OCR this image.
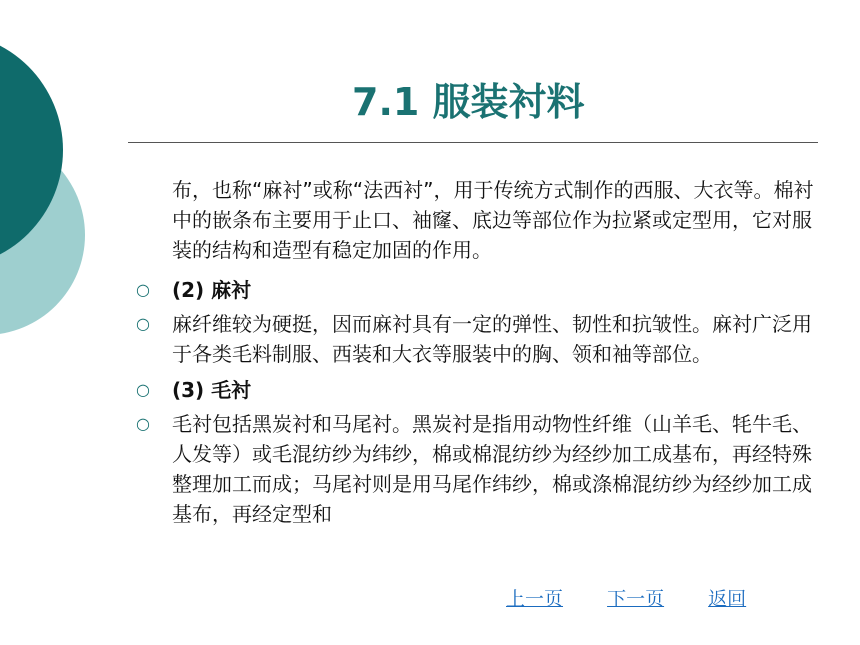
7.1 服装衬料

布，也称“麻衬”或称“法西衬”，用于传统方式制作的西服、大衣等。棉衬中的嵌条布主要用于止口、袖窿、底边等部位作为拉紧或定型用，它对服装的结构和造型有稳定加固的作用。

○	(2) 麻衬

○	麻纤维较为硬挺，因而麻衬具有一定的弹性、韧性和抗皱性。麻衬广泛用于各类毛料制服、西装和大衣等服装中的胸、领和袖等部位。

○	(3) 毛衬

○	毛衬包括黑炭衬和马尾衬。黑炭衬是指用动物性纤维（山羊毛、牦牛毛、人发等）或毛混纺纱为纬纱，棉或棉混纺纱为经纱加工成基布，再经特殊整理加工而成；马尾衬则是用马尾作纬纱，棉或涤棉混纺纱为经纱加工成基布，再经定型和

上一页 下一页 返回
